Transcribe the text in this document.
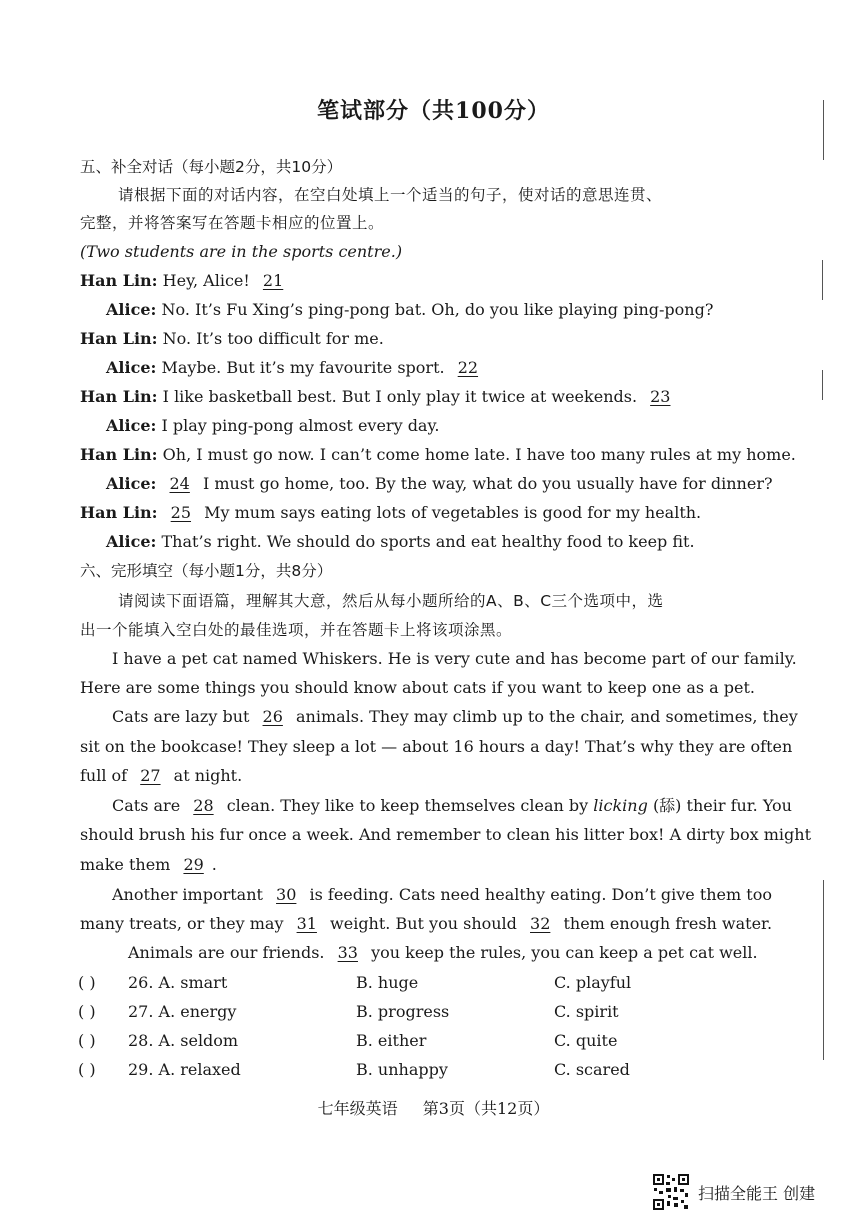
笔试部分（共100分）
五、补全对话（每小题2分，共10分）
请根据下面的对话内容，在空白处填上一个适当的句子，使对话的意思连贯、
完整，并将答案写在答题卡相应的位置上。
(Two students are in the sports centre.)
Han Lin: Hey, Alice! 21
Alice: No. It’s Fu Xing’s ping-pong bat. Oh, do you like playing ping-pong?
Han Lin: No. It’s too difficult for me.
Alice: Maybe. But it’s my favourite sport. 22
Han Lin: I like basketball best. But I only play it twice at weekends. 23
Alice: I play ping-pong almost every day.
Han Lin: Oh, I must go now. I can’t come home late. I have too many rules at my home.
Alice: 24 I must go home, too. By the way, what do you usually have for dinner?
Han Lin: 25 My mum says eating lots of vegetables is good for my health.
Alice: That’s right. We should do sports and eat healthy food to keep fit.
六、完形填空（每小题1分，共8分）
请阅读下面语篇，理解其大意，然后从每小题所给的A、B、C三个选项中，选
出一个能填入空白处的最佳选项，并在答题卡上将该项涂黑。
I have a pet cat named Whiskers. He is very cute and has become part of our family.
Here are some things you should know about cats if you want to keep one as a pet.
Cats are lazy but 26 animals. They may climb up to the chair, and sometimes, they
sit on the bookcase! They sleep a lot — about 16 hours a day! That’s why they are often
full of 27 at night.
Cats are 28 clean. They like to keep themselves clean by licking (舔) their fur. You
should brush his fur once a week. And remember to clean his litter box! A dirty box might
make them 29 .
Another important 30 is feeding. Cats need healthy eating. Don’t give them too
many treats, or they may 31 weight. But you should 32 them enough fresh water.
Animals are our friends. 33 you keep the rules, you can keep a pet cat well.
( ) 26. A. smart	B. huge	C. playful
( ) 27. A. energy	B. progress	C. spirit
( ) 28. A. seldom	B. either	C. quite
( ) 29. A. relaxed	B. unhappy	C. scared
七年级英语 第3页（共12页）
扫描全能王 创建
